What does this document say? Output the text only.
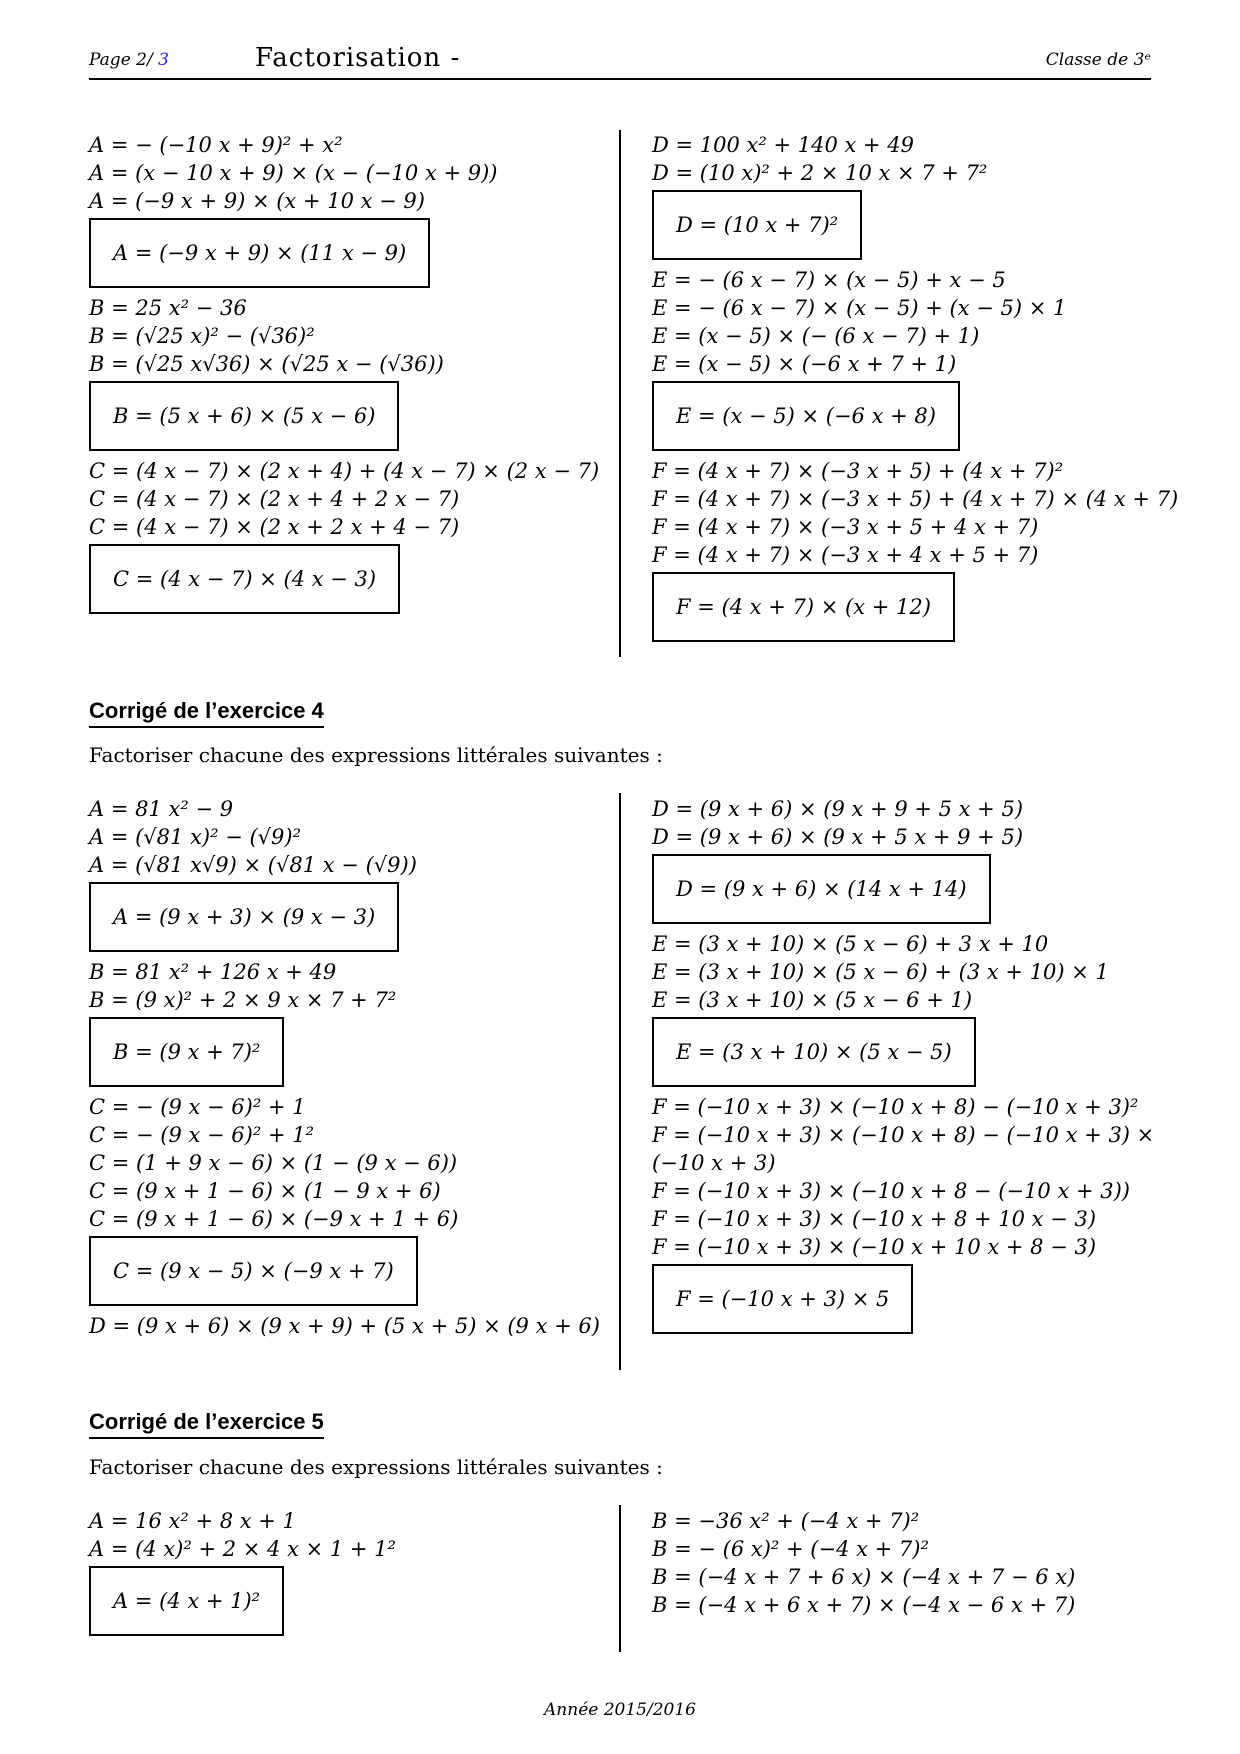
Page 2/ 3	Factorisation -	Classe de 3ᵉ
A = − (−10 x + 9)² + x²
A = (x − 10 x + 9) × (x − (−10 x + 9))
A = (−9 x + 9) × (x + 10 x − 9)
A = (−9 x + 9) × (11 x − 9)
B = 25 x² − 36
B = (√25 x)² − (√36)²
B = (√25 x√36) × (√25 x − (√36))
B = (5 x + 6) × (5 x − 6)
C = (4 x − 7) × (2 x + 4) + (4 x − 7) × (2 x − 7)
C = (4 x − 7) × (2 x + 4 + 2 x − 7)
C = (4 x − 7) × (2 x + 2 x + 4 − 7)
C = (4 x − 7) × (4 x − 3)
D = 100 x² + 140 x + 49
D = (10 x)² + 2 × 10 x × 7 + 7²
D = (10 x + 7)²
E = − (6 x − 7) × (x − 5) + x − 5
E = − (6 x − 7) × (x − 5) + (x − 5) × 1
E = (x − 5) × (− (6 x − 7) + 1)
E = (x − 5) × (−6 x + 7 + 1)
E = (x − 5) × (−6 x + 8)
F = (4 x + 7) × (−3 x + 5) + (4 x + 7)²
F = (4 x + 7) × (−3 x + 5) + (4 x + 7) × (4 x + 7)
F = (4 x + 7) × (−3 x + 5 + 4 x + 7)
F = (4 x + 7) × (−3 x + 4 x + 5 + 7)
F = (4 x + 7) × (x + 12)
Corrigé de l’exercice 4
Factoriser chacune des expressions littérales suivantes :
A = 81 x² − 9
A = (√81 x)² − (√9)²
A = (√81 x√9) × (√81 x − (√9))
A = (9 x + 3) × (9 x − 3)
B = 81 x² + 126 x + 49
B = (9 x)² + 2 × 9 x × 7 + 7²
B = (9 x + 7)²
C = − (9 x − 6)² + 1
C = − (9 x − 6)² + 1²
C = (1 + 9 x − 6) × (1 − (9 x − 6))
C = (9 x + 1 − 6) × (1 − 9 x + 6)
C = (9 x + 1 − 6) × (−9 x + 1 + 6)
C = (9 x − 5) × (−9 x + 7)
D = (9 x + 6) × (9 x + 9) + (5 x + 5) × (9 x + 6)
D = (9 x + 6) × (9 x + 9 + 5 x + 5)
D = (9 x + 6) × (9 x + 5 x + 9 + 5)
D = (9 x + 6) × (14 x + 14)
E = (3 x + 10) × (5 x − 6) + 3 x + 10
E = (3 x + 10) × (5 x − 6) + (3 x + 10) × 1
E = (3 x + 10) × (5 x − 6 + 1)
E = (3 x + 10) × (5 x − 5)
F = (−10 x + 3) × (−10 x + 8) − (−10 x + 3)²
F = (−10 x + 3) × (−10 x + 8) − (−10 x + 3) ×
(−10 x + 3)
F = (−10 x + 3) × (−10 x + 8 − (−10 x + 3))
F = (−10 x + 3) × (−10 x + 8 + 10 x − 3)
F = (−10 x + 3) × (−10 x + 10 x + 8 − 3)
F = (−10 x + 3) × 5
Corrigé de l’exercice 5
Factoriser chacune des expressions littérales suivantes :
A = 16 x² + 8 x + 1
A = (4 x)² + 2 × 4 x × 1 + 1²
A = (4 x + 1)²
B = −36 x² + (−4 x + 7)²
B = − (6 x)² + (−4 x + 7)²
B = (−4 x + 7 + 6 x) × (−4 x + 7 − 6 x)
B = (−4 x + 6 x + 7) × (−4 x − 6 x + 7)
Année 2015/2016
